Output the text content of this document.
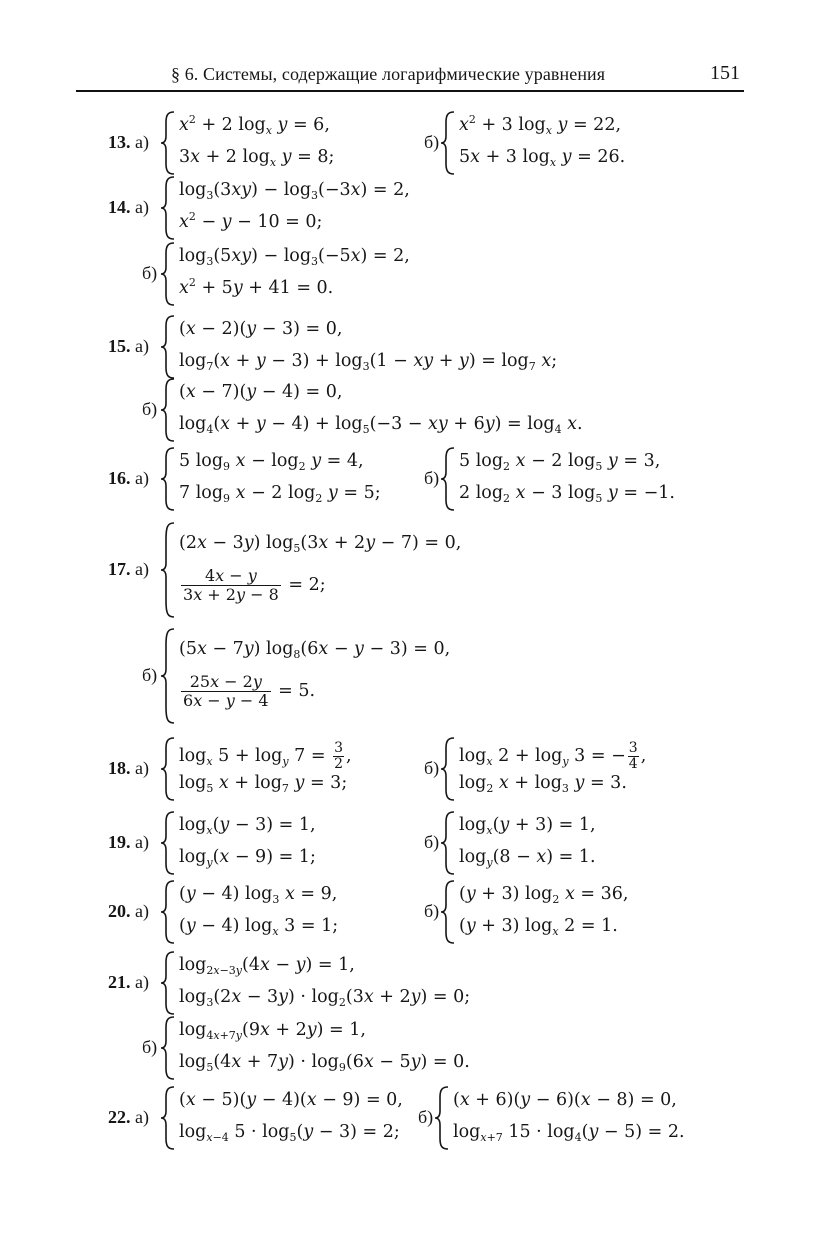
§ 6. Системы, содержащие логарифмические уравнения	151
13. а)
$x^2 + 2$ $\log_x y = 6$,
3x + 2 $\log_x y = 8$;
б)
$x^2 + 3$ $\log_x y = 22$,
5x + 3 $\log_x y = 26$.
14. а)
$\log_3(3xy) - \log_3(-3x) = 2$,
$x^2 - y - 10 = 0$;
б)
$\log_3(5xy) - \log_3(-5x) = 2$,
$x^2 + 5y + 41 = 0$.
15. а)
(x − 2)(y − 3) = 0,
$\log_7(x + y - 3) + \log_3(1$ − xy + $y) = \log_7 x$;
б)
(x − 7)(y − 4) = 0,
$\log_4(x + y - 4) + \log_5(-3$ − xy + $6y) = \log_4 x$.
16. а)
5 $\log_9 x - \log_2 y = 4$,
7 $\log_9 x - 2$ $\log_2 y = 5$;
б)
5 $\log_2 x - 2$ $\log_5 y = 3$,
2 $\log_2 x - 3$ $\log_5 y = -1$.
17. а)
(2x − 3y) $\log_5(3x + 2y - 7) = 0$,
$\frac{4x - y}{3x + 2y - 8} = 2$;
б)
(5x − 7y) $\log_8(6x - y - 3) = 0$,
$\frac{25x - 2y}{6x - y - 4} = 5$.
18. а)
$\log_x 5 + \log_y 7 = \frac{3}{2}$ ,
$\log_5 x + \log_7 y = 3$;
б)
$\log_x 2 + \log_y 3$ = − $\frac{3}{4}$ ,
$\log_2 x + \log_3 y = 3$.
19. а)
$\log_x(y - 3) = 1$,
$\log_y(x - 9) = 1$;
б)
$\log_x(y + 3) = 1$,
$\log_y(8 - x) = 1$.
20. а)
(y − 4) $\log_3 x = 9$,
(y − 4) $\log_x 3 = 1$;
б)
(y + 3) $\log_2 x = 36$,
(y + 3) $\log_x 2 = 1$.
21. а)
$\log_{2x-3y}(4x - y) = 1$,
$\log_3(2x - 3y) \cdot \log_2(3x + 2y) = 0$;
б)
$\log_{4x+7y}(9x + 2y) = 1$,
$\log_5(4x + 7y) \cdot \log_9(6x - 5y) = 0$.
22. а)
(x − 5)(y − 4)(x − 9) = 0,
$\log_{x-4} 5 \cdot \log_5(y - 3) = 2$;
б)
(x + 6)(y − 6)(x − 8) = 0,
$\log_{x+7} 15 \cdot \log_4(y - 5) = 2$.
